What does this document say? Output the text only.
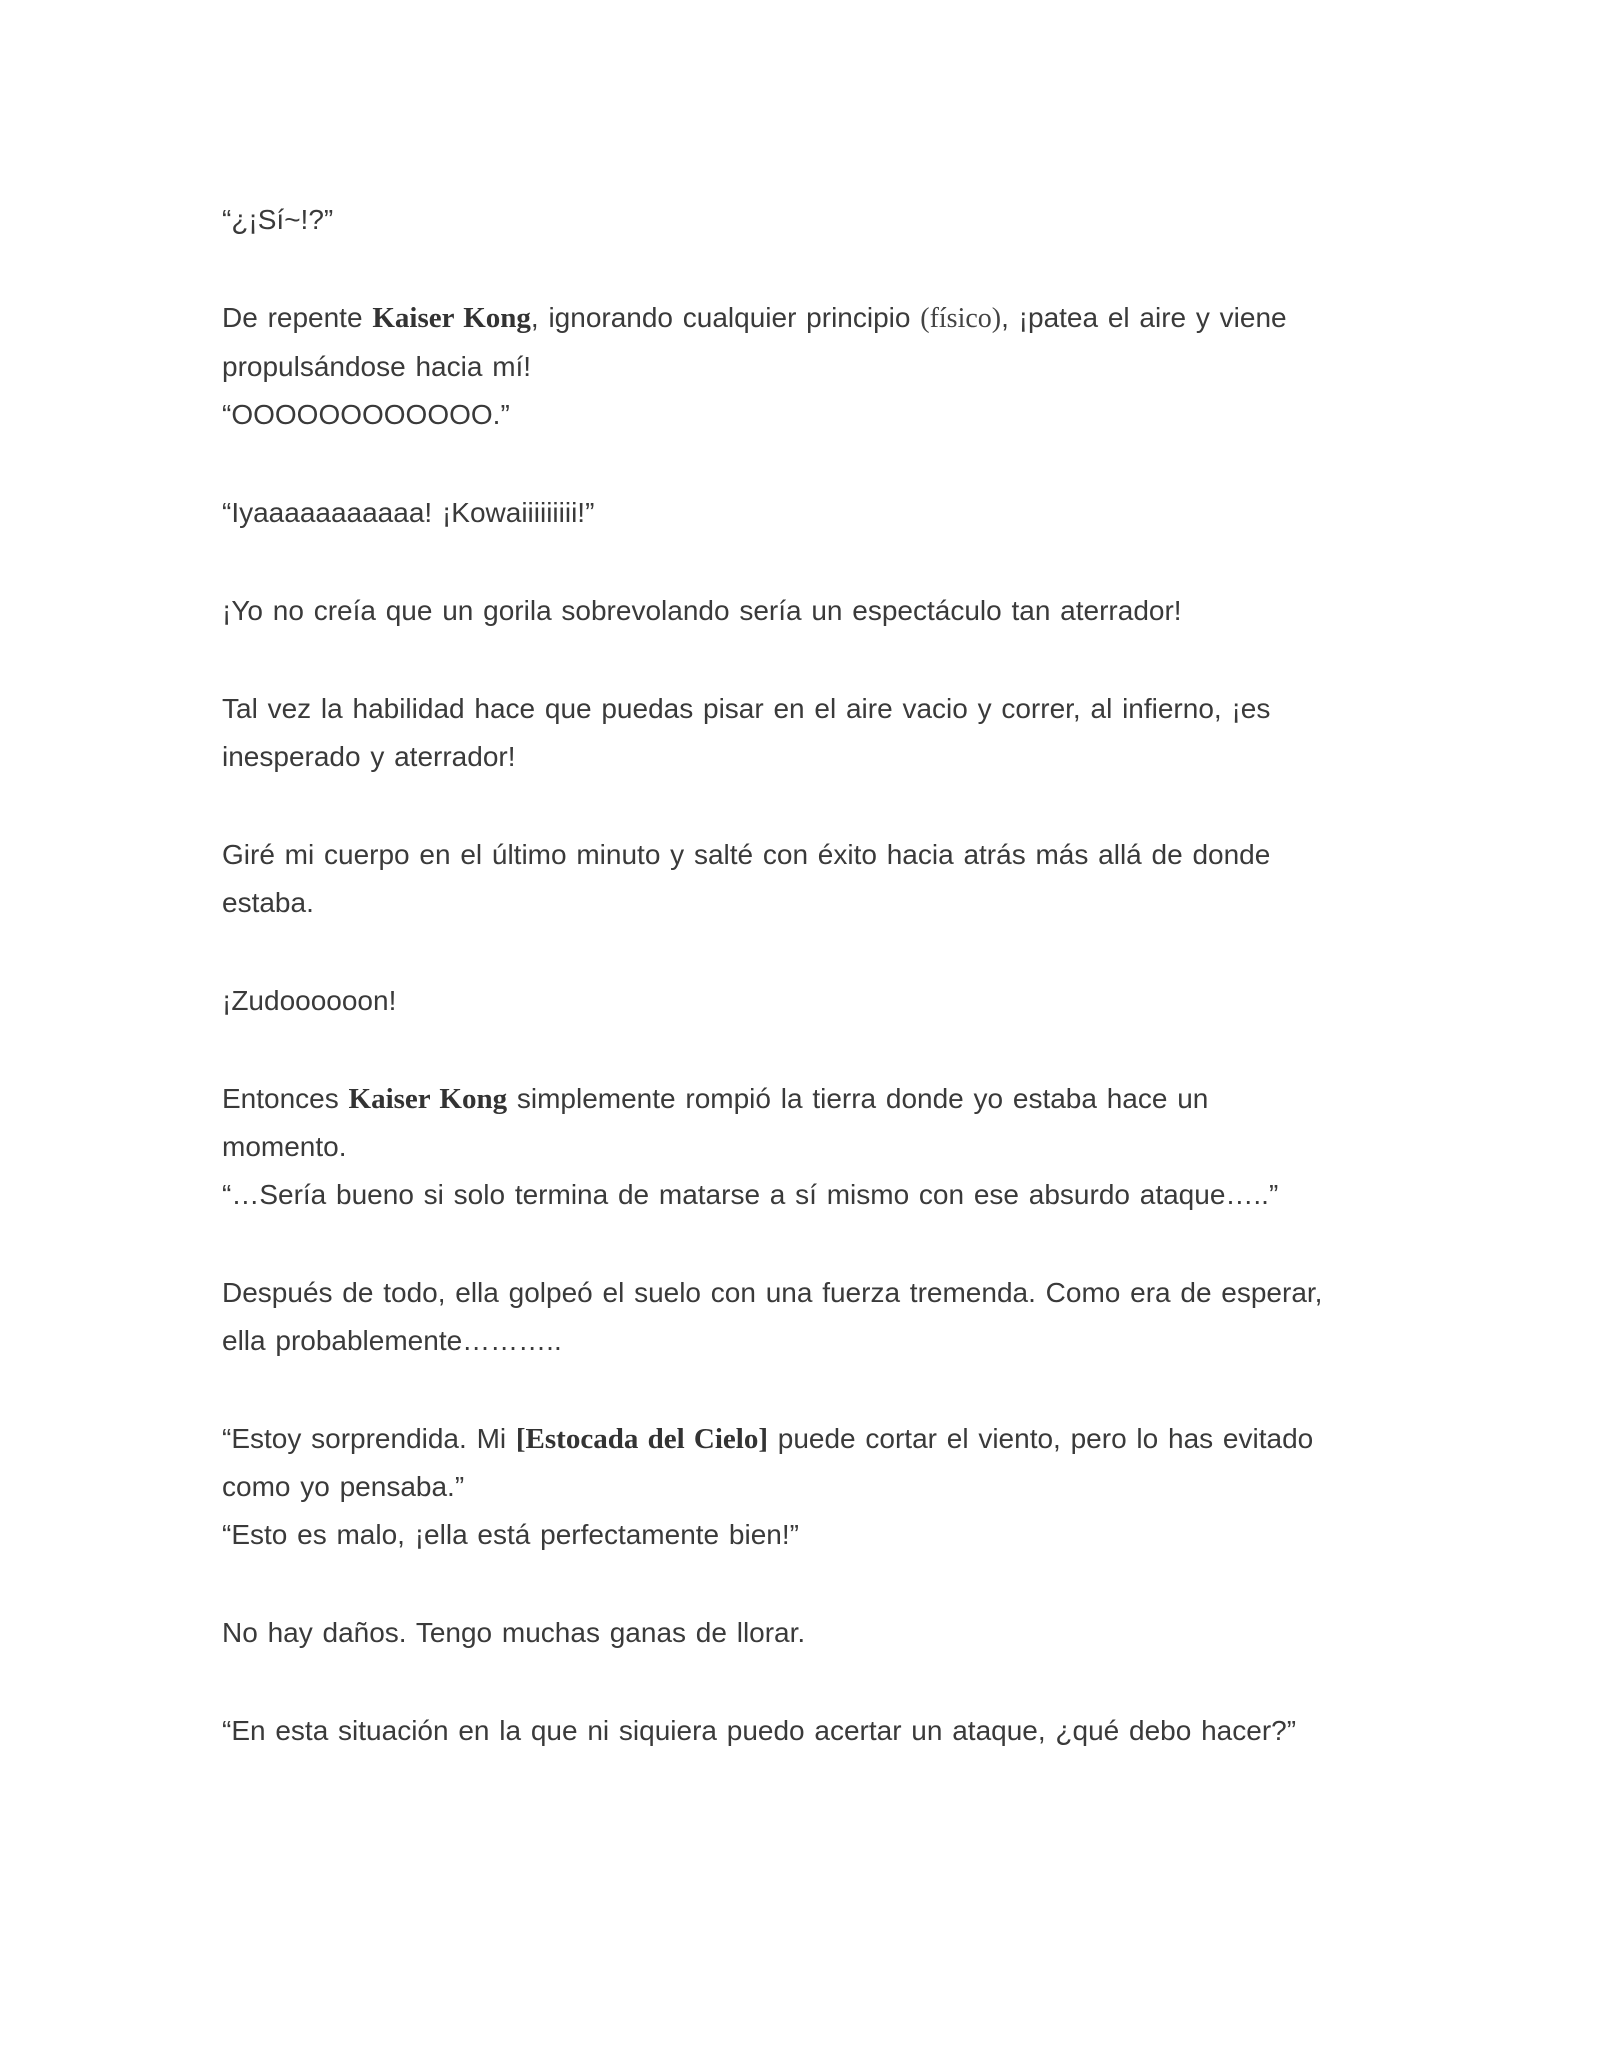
“¿¡Sí~!?”
De repente Kaiser Kong, ignorando cualquier principio (físico), ¡patea el aire y viene
propulsándose hacia mí!
“OOOOOOOOOOOO.”
“Iyaaaaaaaaaaa! ¡Kowaiiiiiiiii!”
¡Yo no creía que un gorila sobrevolando sería un espectáculo tan aterrador!
Tal vez la habilidad hace que puedas pisar en el aire vacio y correr, al infierno, ¡es
inesperado y aterrador!
Giré mi cuerpo en el último minuto y salté con éxito hacia atrás más allá de donde
estaba.
¡Zudoooooon!
Entonces Kaiser Kong simplemente rompió la tierra donde yo estaba hace un
momento.
“…Sería bueno si solo termina de matarse a sí mismo con ese absurdo ataque…..”
Después de todo, ella golpeó el suelo con una fuerza tremenda. Como era de esperar,
ella probablemente………..
“Estoy sorprendida. Mi [Estocada del Cielo] puede cortar el viento, pero lo has evitado
como yo pensaba.”
“Esto es malo, ¡ella está perfectamente bien!”
No hay daños. Tengo muchas ganas de llorar.
“En esta situación en la que ni siquiera puedo acertar un ataque, ¿qué debo hacer?”
